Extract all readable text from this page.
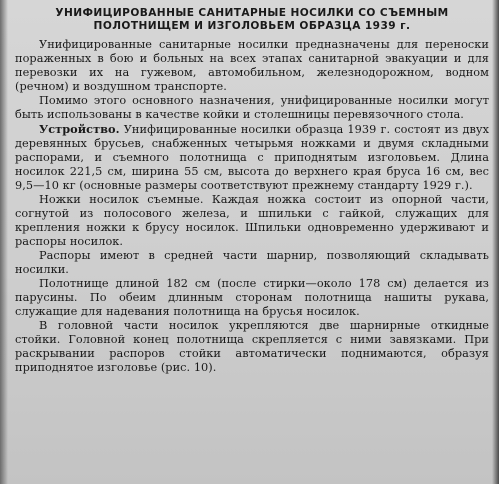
УНИФИЦИРОВАННЫЕ САНИТАРНЫЕ НОСИЛКИ СО СЪЕМНЫМ
ПОЛОТНИЩЕМ И ИЗГОЛОВЬЕМ ОБРАЗЦА 1939 г.

Унифицированные санитарные носилки предназначены для переноски пораженных в бою и больных на всех этапах санитарной эвакуации и для перевозки их на гужевом, автомобильном, железнодорожном, водном (речном) и воздушном транспорте.

Помимо этого основного назначения, унифицированные носилки могут быть использованы в качестве койки и столешницы перевязочного стола.

Устройство. Унифицированные носилки образца 1939 г. состоят из двух деревянных брусьев, снабженных четырьмя ножками и двумя складными распорами, и съемного полотнища с приподнятым изголовьем. Длина носилок 221,5 см, ширина 55 см, высота до верхнего края бруса 16 см, вес 9,5—10 кг (основные размеры соответствуют прежнему стандарту 1929 г.).

Ножки носилок съемные. Каждая ножка состоит из опорной части, согнутой из полосового железа, и шпильки с гайкой, служащих для крепления ножки к брусу носилок. Шпильки одновременно удерживают и распоры носилок.

Распоры имеют в средней части шарнир, позволяющий складывать носилки.

Полотнище длиной 182 см (после стирки—около 178 см) делается из парусины. По обеим длинным сторонам полотнища нашиты рукава, служащие для надевания полотнища на брусья носилок.

В головной части носилок укрепляются две шарнирные откидные стойки. Головной конец полотнища скрепляется с ними завязками. При раскрывании распоров стойки автоматически поднимаются, образуя приподнятое изголовье (рис. 10).
